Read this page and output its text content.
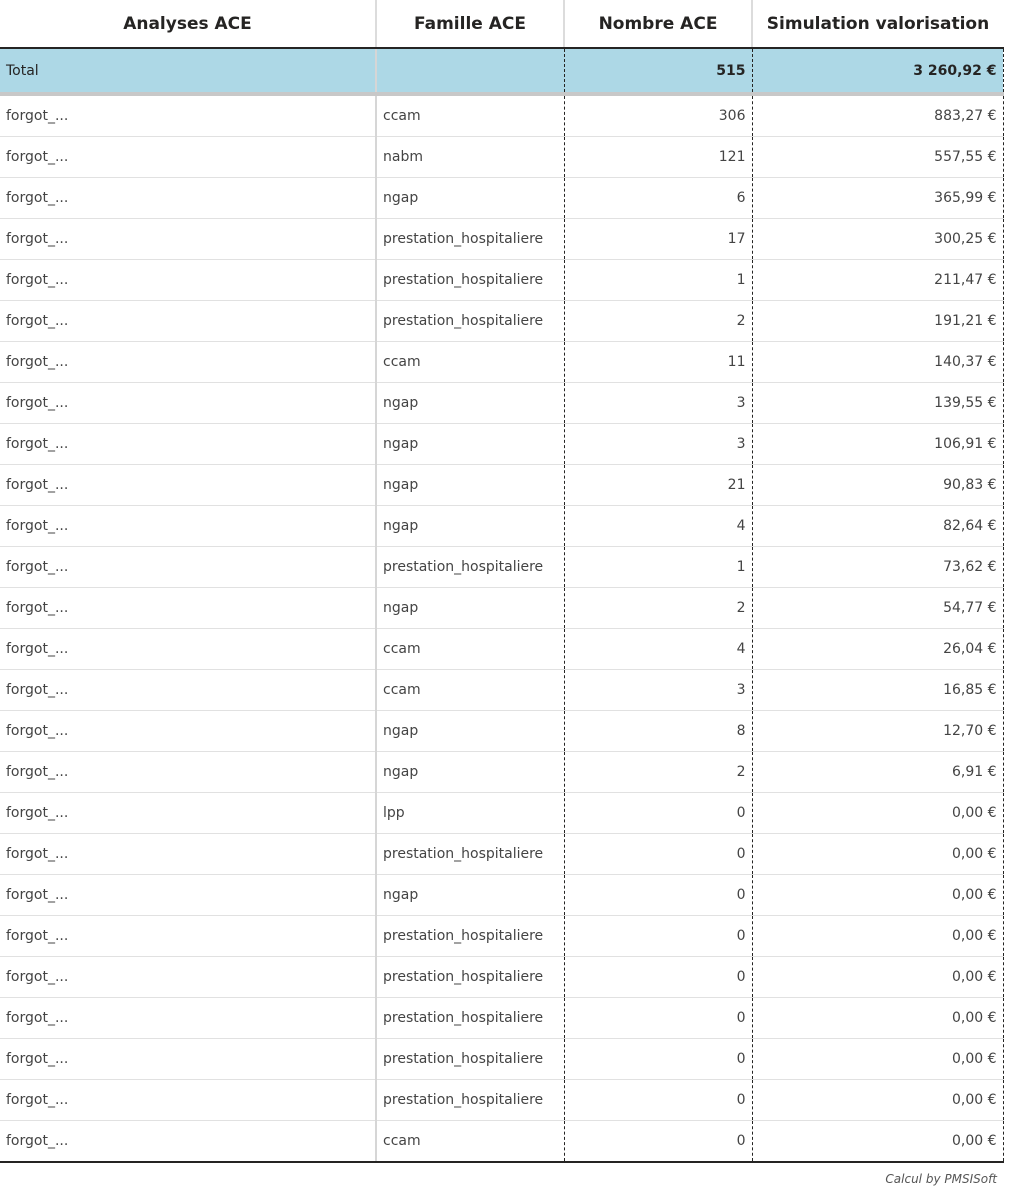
Analyses ACE	Famille ACE	Nombre ACE	Simulation valorisation
Total		515	3 260,92 €
forgot_...	ccam	306	883,27 €
forgot_...	nabm	121	557,55 €
forgot_...	ngap	6	365,99 €
forgot_...	prestation_hospitaliere	17	300,25 €
forgot_...	prestation_hospitaliere	1	211,47 €
forgot_...	prestation_hospitaliere	2	191,21 €
forgot_...	ccam	11	140,37 €
forgot_...	ngap	3	139,55 €
forgot_...	ngap	3	106,91 €
forgot_...	ngap	21	90,83 €
forgot_...	ngap	4	82,64 €
forgot_...	prestation_hospitaliere	1	73,62 €
forgot_...	ngap	2	54,77 €
forgot_...	ccam	4	26,04 €
forgot_...	ccam	3	16,85 €
forgot_...	ngap	8	12,70 €
forgot_...	ngap	2	6,91 €
forgot_...	lpp	0	0,00 €
forgot_...	prestation_hospitaliere	0	0,00 €
forgot_...	ngap	0	0,00 €
forgot_...	prestation_hospitaliere	0	0,00 €
forgot_...	prestation_hospitaliere	0	0,00 €
forgot_...	prestation_hospitaliere	0	0,00 €
forgot_...	prestation_hospitaliere	0	0,00 €
forgot_...	prestation_hospitaliere	0	0,00 €
forgot_...	ccam	0	0,00 €
Calcul by PMSISoft
